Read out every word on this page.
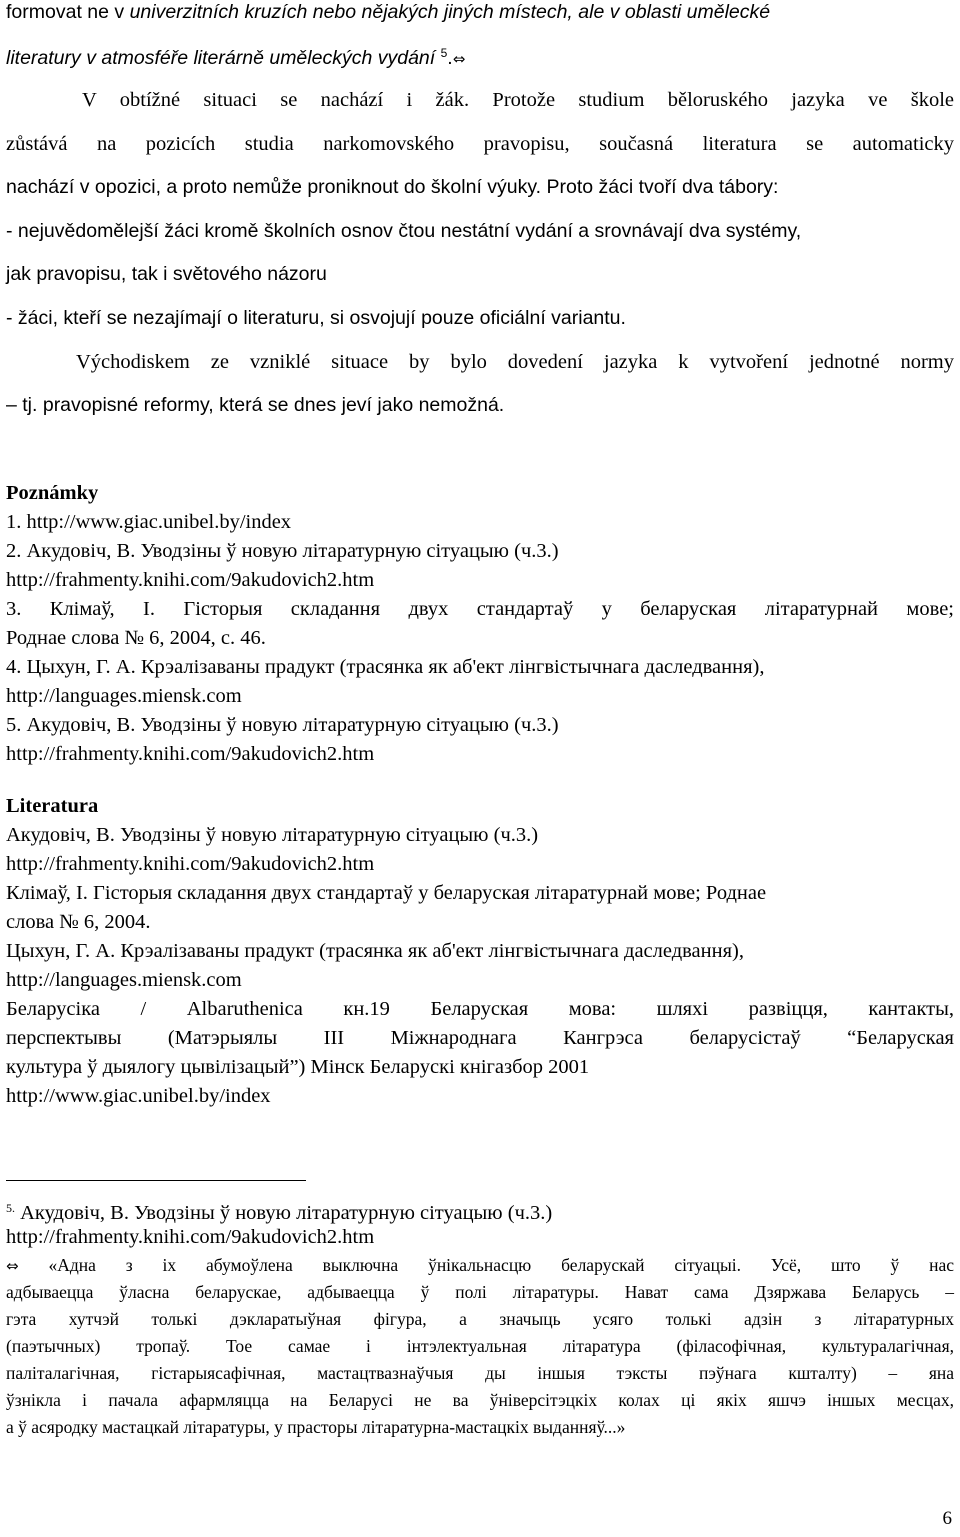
formovat ne v univerzitních kruzích nebo nějakých jiných místech, ale v oblasti umělecké
literatury v atmosféře literárně uměleckých vydání $^5$.⇔
V obtížné situaci se nachází i žák. Protože studium běloruského jazyka ve škole
zůstává na pozicích studia narkomovského pravopisu, současná literatura se automaticky
nachází v opozici, a proto nemůže proniknout do školní výuky. Proto žáci tvoří dva tábory:
- nejuvědomělejší žáci kromě školních osnov čtou nestátní vydání a srovnávají dva systémy,
jak pravopisu, tak i světového názoru
- žáci, kteří se nezajímají o literaturu, si osvojují pouze oficiální variantu.
Východiskem ze vzniklé situace by bylo dovedení jazyka k vytvoření jednotné normy
– tj. pravopisné reformy, která se dnes jeví jako nemožná.
Poznámky
1. http://www.giac.unibel.by/index
2. Акудовіч, В. Уводзіны ў новую літаратурную сітуацыю (ч.3.)
http://frahmenty.knihi.com/9akudovich2.htm
3. Клімаў, І. Гісторыя складання двух стандартаў у беларуская літаратурнай мове;
Роднае слова № 6, 2004, с. 46.
4. Цыхун, Г. А. Крэалізаваны прадукт (трасянка як аб'ект лінгвістычнага даследвання),
http://languages.miensk.com
5. Акудовіч, В. Уводзіны ў новую літаратурную сітуацыю (ч.3.)
http://frahmenty.knihi.com/9akudovich2.htm
Literatura
Акудовіч, В. Уводзіны ў новую літаратурную сітуацыю (ч.3.)
http://frahmenty.knihi.com/9akudovich2.htm
Клімаў, І. Гісторыя складання двух стандартаў у беларуская літаратурнай мове; Роднае
слова № 6, 2004.
Цыхун, Г. А. Крэалізаваны прадукт (трасянка як аб'ект лінгвістычнага даследвання),
http://languages.miensk.com
Беларусіка / Albaruthenica кн.19 Беларуская мова: шляхі развіцця, кантакты,
перспектывы (Матэрыялы III Міжнароднага Кангрэса беларусістаў “Беларуская
культура ў дыялогу цывілізацый”) Мінск Беларускі кнігазбор 2001
http://www.giac.unibel.by/index
$^{5.}$ Акудовіч, В. Уводзіны ў новую літаратурную сітуацыю (ч.3.)
http://frahmenty.knihi.com/9akudovich2.htm
⇔ «Адна з іх абумоўлена выключна ўнікальнасцю беларускай сітуацыі. Усё, што ў нас
адбываецца ўласна беларускае, адбываецца ў полі літаратуры. Нават сама Дзяржава Беларусь –
гэта хутчэй толькі дэкларатыўная фігура, а значыць усяго толькі адзін з літаратурных
(паэтычных) тропаў. Тое самае і інтэлектуальная літаратура (філасофічная, культуралагічная,
паліталагічная, гістарыясафічная, мастацтвазнаўчыя ды іншыя тэксты пэўнага кшталту) – яна
ўзнікла і пачала афармляцца на Беларусі не ва ўнiверсiтэцкiх колах ці якіх яшчэ іншых месцах,
а ў асяродку мастацкай літаратуры, у прасторы літаратурна-мастацкіх выданняў...»
6
